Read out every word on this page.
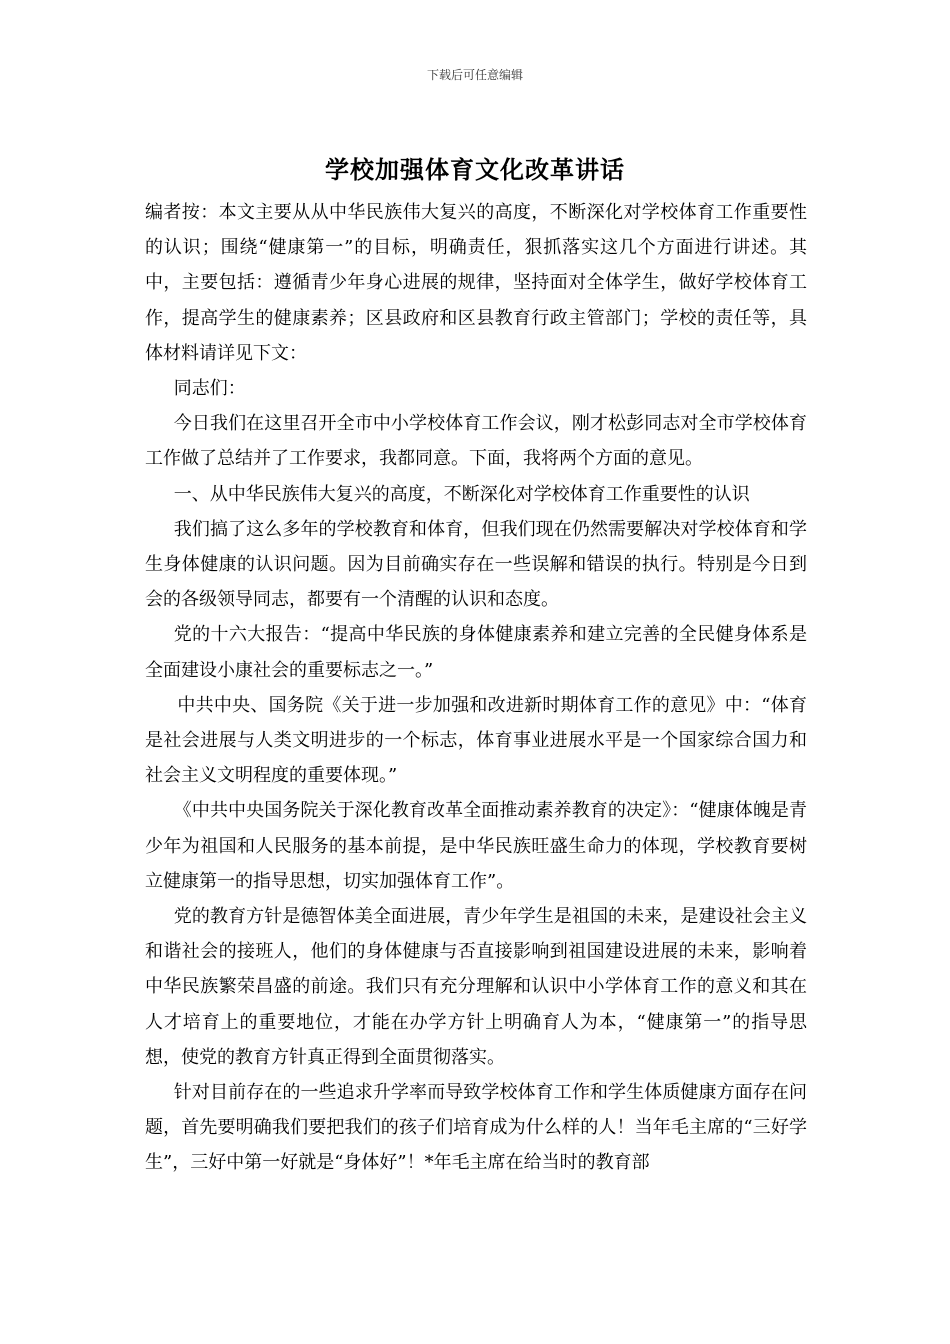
下载后可任意编辑
学校加强体育文化改革讲话

编者按：本文主要从从中华民族伟大复兴的高度，不断深化对学校体育工作重要性的认识；围绕“健康第一”的目标，明确责任，狠抓落实这几个方面进行讲述。其中，主要包括：遵循青少年身心进展的规律，坚持面对全体学生，做好学校体育工作，提高学生的健康素养；区县政府和区县教育行政主管部门；学校的责任等，具体材料请详见下文：

同志们：

今日我们在这里召开全市中小学校体育工作会议，刚才松彭同志对全市学校体育工作做了总结并了工作要求，我都同意。下面，我将两个方面的意见。

一、从中华民族伟大复兴的高度，不断深化对学校体育工作重要性的认识

我们搞了这么多年的学校教育和体育，但我们现在仍然需要解决对学校体育和学生身体健康的认识问题。因为目前确实存在一些误解和错误的执行。特别是今日到会的各级领导同志，都要有一个清醒的认识和态度。

党的十六大报告：“提高中华民族的身体健康素养和建立完善的全民健身体系是全面建设小康社会的重要标志之一。”

中共中央、国务院《关于进一步加强和改进新时期体育工作的意见》中：“体育是社会进展与人类文明进步的一个标志，体育事业进展水平是一个国家综合国力和社会主义文明程度的重要体现。”

《中共中央国务院关于深化教育改革全面推动素养教育的决定》：“健康体魄是青少年为祖国和人民服务的基本前提，是中华民族旺盛生命力的体现，学校教育要树立健康第一的指导思想，切实加强体育工作”。

党的教育方针是德智体美全面进展，青少年学生是祖国的未来，是建设社会主义和谐社会的接班人，他们的身体健康与否直接影响到祖国建设进展的未来，影响着中华民族繁荣昌盛的前途。我们只有充分理解和认识中小学体育工作的意义和其在人才培育上的重要地位，才能在办学方针上明确育人为本，“健康第一”的指导思想，使党的教育方针真正得到全面贯彻落实。

针对目前存在的一些追求升学率而导致学校体育工作和学生体质健康方面存在问题，首先要明确我们要把我们的孩子们培育成为什么样的人！当年毛主席的“三好学生”，三好中第一好就是“身体好”！*年毛主席在给当时的教育部
